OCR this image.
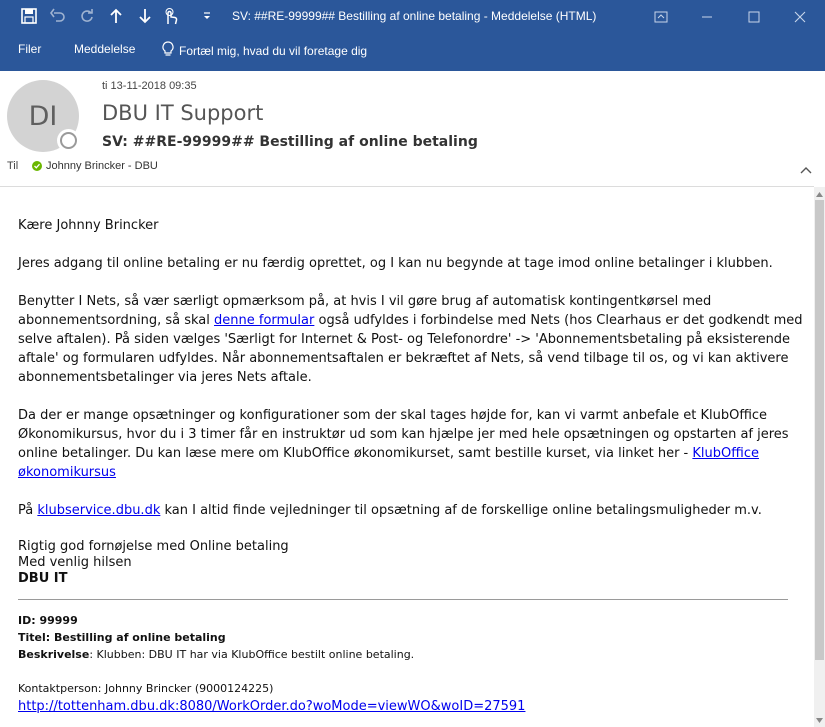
SV: ##RE-99999## Bestilling af online betaling - Meddelelse (HTML)
Filer	Meddelelse	Fortæl mig, hvad du vil foretage dig
DI
ti 13-11-2018 09:35
DBU IT Support
SV: ##RE-99999## Bestilling af online betaling
Til	Johnny Brincker - DBU

Kære Johnny Brincker

Jeres adgang til online betaling er nu færdig oprettet, og I kan nu begynde at tage imod online betalinger i klubben.

Benytter I Nets, så vær særligt opmærksom på, at hvis I vil gøre brug af automatisk kontingentkørsel med abonnementsordning, så skal denne formular også udfyldes i forbindelse med Nets (hos Clearhaus er det godkendt med selve aftalen). På siden vælges 'Særligt for Internet & Post- og Telefonordre' -> 'Abonnementsbetaling på eksisterende aftale' og formularen udfyldes. Når abonnementsaftalen er bekræftet af Nets, så vend tilbage til os, og vi kan aktivere abonnementsbetalinger via jeres Nets aftale.

Da der er mange opsætninger og konfigurationer som der skal tages højde for, kan vi varmt anbefale et KlubOffice Økonomikursus, hvor du i 3 timer får en instruktør ud som kan hjælpe jer med hele opsætningen og opstarten af jeres online betalinger. Du kan læse mere om KlubOffice økonomikurset, samt bestille kurset, via linket her - KlubOffice økonomikursus

På klubservice.dbu.dk kan I altid finde vejledninger til opsætning af de forskellige online betalingsmuligheder m.v.

Rigtig god fornøjelse med Online betaling
Med venlig hilsen
DBU IT
ID: 99999
Titel: Bestilling af online betaling
Beskrivelse: Klubben: DBU IT har via KlubOffice bestilt online betaling.
Kontaktperson: Johnny Brincker (9000124225)
http://tottenham.dbu.dk:8080/WorkOrder.do?woMode=viewWO&woID=27591
